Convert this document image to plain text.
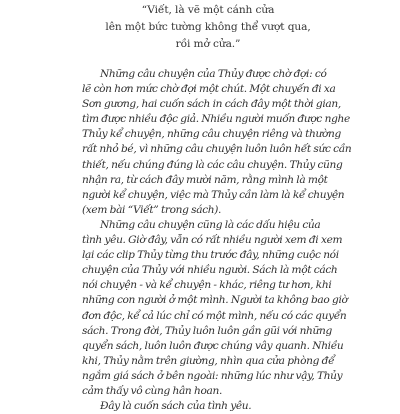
“Viết, là vẽ một cánh cửa
lên một bức tường không thể vượt qua,
rồi mở cửa.”
Những câu chuyện của Thủy được chờ đợi: có
lẽ còn hơn mức chờ đợi một chút. Một chuyến đi xa
Sơn gương, hai cuốn sách in cách đây một thời gian,
tìm được nhiều độc giả. Nhiều người muốn được nghe
Thủy kể chuyện, những câu chuyện riêng và thường
rất nhỏ bé, vì những câu chuyện luôn luôn hết sức cần
thiết, nếu chúng đúng là các câu chuyện. Thủy cũng
nhận ra, từ cách đây mười năm, rằng mình là một
người kể chuyện, việc mà Thủy cần làm là kể chuyện
(xem bài “Viết” trong sách).
Những câu chuyện cũng là các dấu hiệu của
tình yêu. Giờ đây, vẫn có rất nhiều người xem đi xem
lại các clip Thủy từng thu trước đây, những cuộc nói
chuyện của Thủy với nhiều người. Sách là một cách
nói chuyện - và kể chuyện - khác, riêng tư hơn, khi
những con người ở một mình. Người ta không bao giờ
đơn độc, kể cả lúc chỉ có một mình, nếu có các quyển
sách. Trong đời, Thủy luôn luôn gần gũi với những
quyển sách, luôn luôn được chúng vây quanh. Nhiều
khi, Thủy nằm trên giường, nhìn qua cửa phòng để
ngắm giá sách ở bên ngoài: những lúc như vậy, Thủy
cảm thấy vô cùng hân hoan.
Đây là cuốn sách của tình yêu.
